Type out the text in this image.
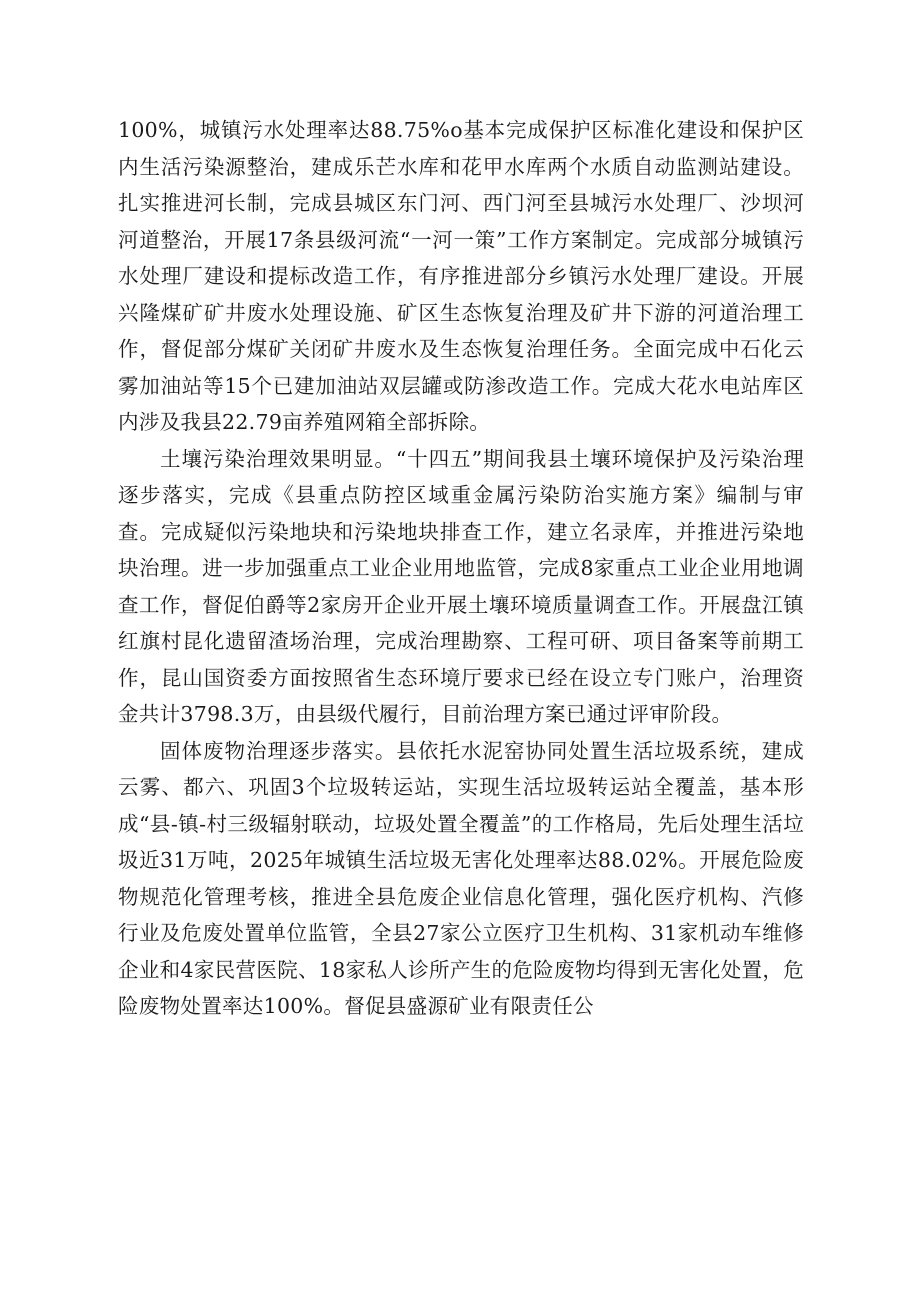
100%，城镇污水处理率达88.75%o基本完成保护区标准化建设和保护区内生活污染源整治，建成乐芒水库和花甲水库两个水质自动监测站建设。扎实推进河长制，完成县城区东门河、西门河至县城污水处理厂、沙坝河河道整治，开展17条县级河流“一河一策”工作方案制定。完成部分城镇污水处理厂建设和提标改造工作，有序推进部分乡镇污水处理厂建设。开展兴隆煤矿矿井废水处理设施、矿区生态恢复治理及矿井下游的河道治理工作，督促部分煤矿关闭矿井废水及生态恢复治理任务。全面完成中石化云雾加油站等15个已建加油站双层罐或防渗改造工作。完成大花水电站库区内涉及我县22.79亩养殖网箱全部拆除。

土壤污染治理效果明显。“十四五”期间我县土壤环境保护及污染治理逐步落实，完成《县重点防控区域重金属污染防治实施方案》编制与审查。完成疑似污染地块和污染地块排查工作，建立名录库，并推进污染地块治理。进一步加强重点工业企业用地监管，完成8家重点工业企业用地调查工作，督促伯爵等2家房开企业开展土壤环境质量调查工作。开展盘江镇红旗村昆化遗留渣场治理，完成治理勘察、工程可研、项目备案等前期工作，昆山国资委方面按照省生态环境厅要求已经在设立专门账户，治理资金共计3798.3万，由县级代履行，目前治理方案已通过评审阶段。

固体废物治理逐步落实。县依托水泥窑协同处置生活垃圾系统，建成云雾、都六、巩固3个垃圾转运站，实现生活垃圾转运站全覆盖，基本形成“县-镇-村三级辐射联动，垃圾处置全覆盖”的工作格局，先后处理生活垃圾近31万吨，2025年城镇生活垃圾无害化处理率达88.02%。开展危险废物规范化管理考核，推进全县危废企业信息化管理，强化医疗机构、汽修行业及危废处置单位监管，全县27家公立医疗卫生机构、31家机动车维修企业和4家民营医院、18家私人诊所产生的危险废物均得到无害化处置，危险废物处置率达100%。督促县盛源矿业有限责任公
